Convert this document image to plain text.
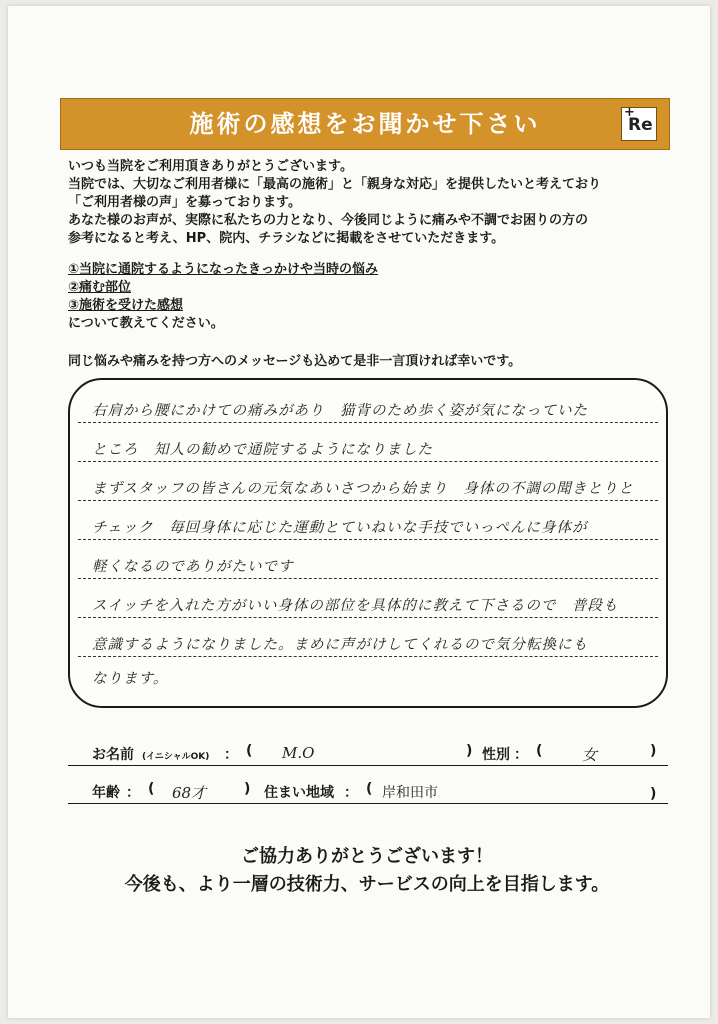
施術の感想をお聞かせ下さい	+
Re

いつも当院をご利用頂きありがとうございます。

当院では、大切なご利用者様に「最高の施術」と「親身な対応」を提供したいと考えており

「ご利用者様の声」を募っております。

あなた様のお声が、実際に私たちの力となり、今後同じように痛みや不調でお困りの方の

参考になると考え、HP、院内、チラシなどに掲載をさせていただきます。

①当院に通院するようになったきっかけや当時の悩み

②痛む部位

③施術を受けた感想

について教えてください。

同じ悩みや痛みを持つ方へのメッセージも込めて是非一言頂ければ幸いです。
右肩から腰にかけての痛みがあり　猫背のため歩く姿が気になっていた
ところ　知人の勧めで通院するようになりました
まずスタッフの皆さんの元気なあいさつから始まり　身体の不調の聞きとりと
チェック　毎回身体に応じた運動とていねいな手技でいっぺんに身体が
軽くなるのでありがたいです
スイッチを入れた方がいい身体の部位を具体的に教えて下さるので　普段も
意識するようになりました。まめに声がけしてくれるので気分転換にも
なります。
お名前 (イニシャルOK) ： ( M.O	) 性別 ： (	女	)
年齢 ： ( 68才	) 住まい地域 ： ( 岸和田市	)
ご協力ありがとうございます！
今後も、より一層の技術力、サービスの向上を目指します。
